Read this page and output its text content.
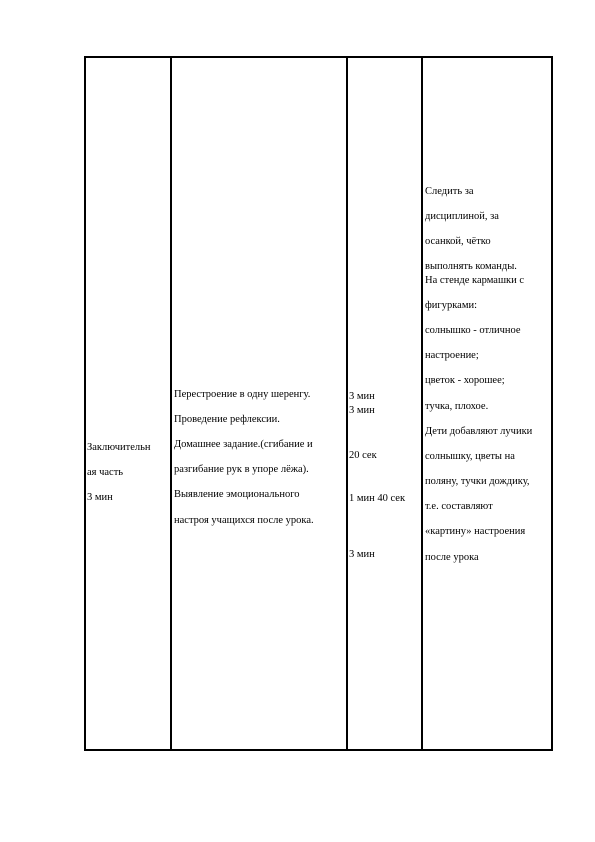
Заключительн

ая часть

3 мин

Перестроение в одну шеренгу.

Проведение рефлексии.

Домашнее задание.(сгибание и

разгибание рук в упоре лёжа).

Выявление эмоционального

настроя учащихся после урока.

3 мин
3 мин
20 сек
1 мин 40 сек
3 мин

Следить за

дисциплиной, за

осанкой, чётко

выполнять команды.

На стенде кармашки с

фигурками:

солнышко - отличное

настроение;

цветок - хорошее;

тучка, плохое.

Дети добавляют лучики

солнышку, цветы на

поляну, тучки дождику,

т.е. составляют

«картину» настроения

после урока
